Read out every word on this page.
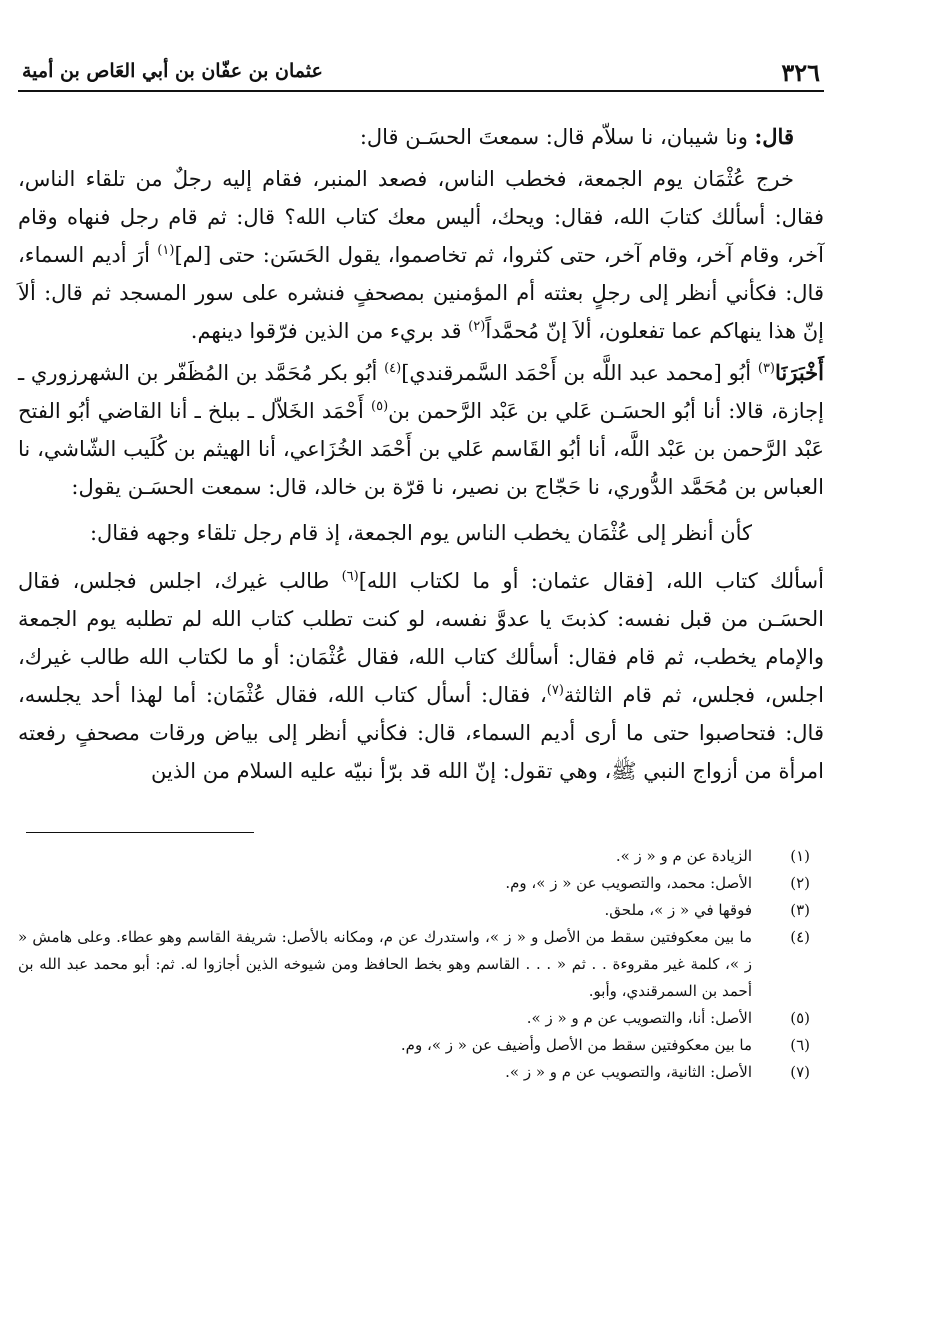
٣٢٦
عثمان بن عفّان بن أبي العَاص بن أمية

قال: ونا شيبان، نا سلاّم قال: سمعتَ الحسَـن قال:

خرج عُثْمَان يوم الجمعة، فخطب الناس، فصعد المنبر، فقام إليه رجلٌ من تلقاء الناس، فقال: أسألك كتابَ الله، فقال: ويحك، أليس معك كتاب الله؟ قال: ثم قام رجل فنهاه وقام آخر، وقام آخر، وقام آخر، حتى كثروا، ثم تخاصموا، يقول الحَسَن: حتى [لم]$^{(١)}$ أرَ أديم السماء، قال: فكأني أنظر إلى رجلٍ بعثته أم المؤمنين بمصحفٍ فنشره على سور المسجد ثم قال: ألاَ إنّ هذا ينهاكم عما تفعلون، ألاَ إنّ مُحمَّداً$^{(٢)}$ قد بريء من الذين فرّقوا دينهم.

أَخْبَرَنَا$^{(٣)}$ أبُو [محمد عبد اللَّه بن أَحْمَد السَّمرقندي]$^{(٤)}$ أبُو بكر مُحَمَّد بن المُظَفّر بن الشهرزوري ـ إجازة، قالا: أنا أبُو الحسَـن عَلي بن عَبْد الرَّحمن بن$^{(٥)}$ أَحْمَد الخَلاّل ـ ببلخ ـ أنا القاضي أبُو الفتح عَبْد الرَّحمن بن عَبْد اللَّه، أنا أبُو القَاسم عَلي بن أَحْمَد الخُزَاعي، أنا الهيثم بن كُلَيب الشّاشي، نا العباس بن مُحَمَّد الدُّوري، نا حَجّاج بن نصير، نا قرّة بن خالد، قال: سمعت الحسَـن يقول:

كأن أنظر إلى عُثْمَان يخطب الناس يوم الجمعة، إذ قام رجل تلقاء وجهه فقال:

أسألك كتاب الله، [فقال عثمان: أو ما لكتاب الله]$^{(٦)}$ طالب غيرك، اجلس فجلس، فقال الحسَـن من قبل نفسه: كذبتَ يا عدوَّ نفسه، لو كنت تطلب كتاب الله لم تطلبه يوم الجمعة والإمام يخطب، ثم قام فقال: أسألك كتاب الله، فقال عُثْمَان: أو ما لكتاب الله طالب غيرك، اجلس، فجلس، ثم قام الثالثة$^{(٧)}$، فقال: أسأل كتاب الله، فقال عُثْمَان: أما لهذا أحد يجلسه، قال: فتحاصبوا حتى ما أرى أديم السماء، قال: فكأني أنظر إلى بياض ورقات مصحفٍ رفعته امرأة من أزواج النبي ﷺ، وهي تقول: إنّ الله قد برّأ نبيّه عليه السلام من الذين

(١)
الزيادة عن م و « ز ».
(٢)
الأصل: محمد، والتصويب عن « ز »، وم.
(٣)
فوقها في « ز »، ملحق.
(٤)
ما بين معكوفتين سقط من الأصل و « ز »، واستدرك عن م، ومكانه بالأصل: شريفة القاسم وهو عطاء. وعلى هامش « ز »، كلمة غير مقروءة . . ثم « . . . القاسم وهو بخط الحافظ ومن شيوخه الذين أجازوا له. ثم: أبو محمد عبد الله بن أحمد بن السمرقندي، وأبو.
(٥)
الأصل: أنا، والتصويب عن م و « ز ».
(٦)
ما بين معكوفتين سقط من الأصل وأضيف عن « ز »، وم.
(٧)
الأصل: الثانية، والتصويب عن م و « ز ».
